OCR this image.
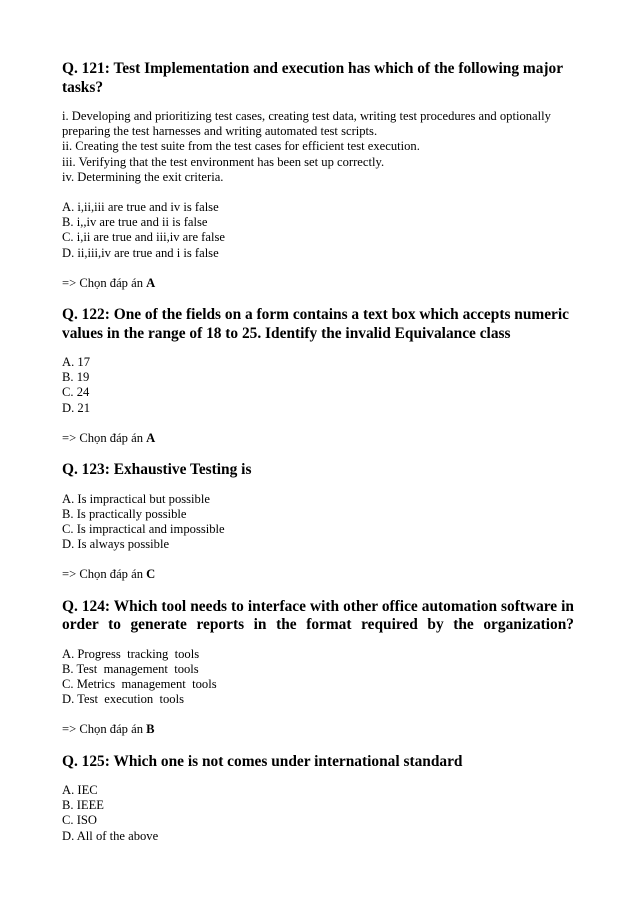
Q. 121: Test Implementation and execution has which of the following major tasks?

i. Developing and prioritizing test cases, creating test data, writing test procedures and optionally preparing the test harnesses and writing automated test scripts.
ii. Creating the test suite from the test cases for efficient test execution.
iii. Verifying that the test environment has been set up correctly.
iv. Determining the exit criteria.
A. i,ii,iii are true and iv is false
B. i,,iv are true and ii is false
C. i,ii are true and iii,iv are false
D. ii,iii,iv are true and i is false

=> Chọn đáp án A

Q. 122: One of the fields on a form contains a text box which accepts numeric values in the range of 18 to 25. Identify the invalid Equivalance class

A. 17
B. 19
C. 24
D. 21

=> Chọn đáp án A

Q. 123: Exhaustive Testing is

A. Is impractical but possible
B. Is practically possible
C. Is impractical and impossible
D. Is always possible

=> Chọn đáp án C

Q. 124: Which tool needs to interface with other office automation software in order to generate reports in the format required by the organization?

A. Progress  tracking  tools
B. Test  management  tools
C. Metrics  management  tools
D. Test  execution  tools

=> Chọn đáp án B

Q. 125: Which one is not comes under international standard

A. IEC
B. IEEE
C. ISO
D. All of the above
